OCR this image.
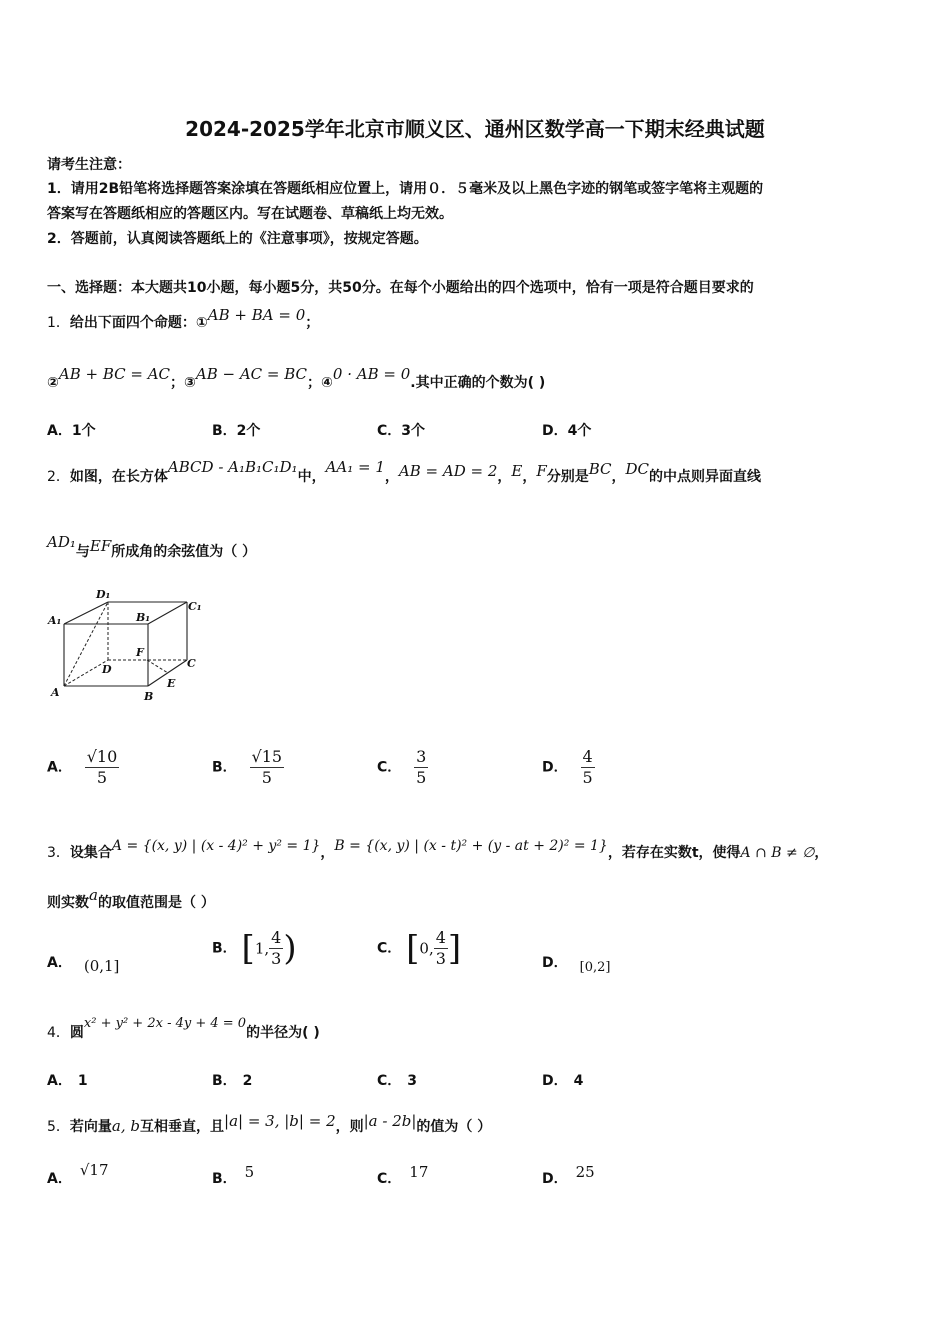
2024-2025学年北京市顺义区、通州区数学高一下期末经典试题
请考生注意：
1．请用2B铅笔将选择题答案涂填在答题纸相应位置上，请用０．５毫米及以上黑色字迹的钢笔或签字笔将主观题的
答案写在答题纸相应的答题区内。写在试题卷、草稿纸上均无效。
2．答题前，认真阅读答题纸上的《注意事项》，按规定答题。
一、选择题：本大题共10小题，每小题5分，共50分。在每个小题给出的四个选项中，恰有一项是符合题目要求的
1．给出下面四个命题：①AB + BA = 0；
②AB + BC = AC；③AB − AC = BC；④0 · AB = 0.其中正确的个数为( )
A．1个	B．2个	C．3个	D．4个
2．如图，在长方体ABCD - A₁B₁C₁D₁中，AA₁ = 1，AB = AD = 2，E，F分别是BC，DC的中点则异面直线
AD₁与EF所成角的余弦值为（ ）
D₁
C₁
A₁	B₁
F
C
D
A
E
B
A． $\frac{√10}{5}$	B． $\frac{√15}{5}$	C． $\frac{3}{5}$	D． $\frac{4}{5}$
3．设集合A = {(x, y) | (x - 4)² + y² = 1}，B = {(x, y) | (x - t)² + (y - at + 2)² = 1}，若存在实数t，使得A ∩ B ≠ ∅，
则实数a的取值范围是（ ）
A． (0,1]
B． [1, $\frac{4}{3}$ )	C． [0, $\frac{4}{3}$ ]	D． [0,2]
4．圆x² + y² + 2x - 4y + 4 = 0的半径为( )
A． 1	B． 2	C． 3	D． 4
5．若向量a, b互相垂直，且|a| = 3, |b| = 2，则|a - 2b|的值为（ ）
A． √17	B． 5	C． 17	D． 25
